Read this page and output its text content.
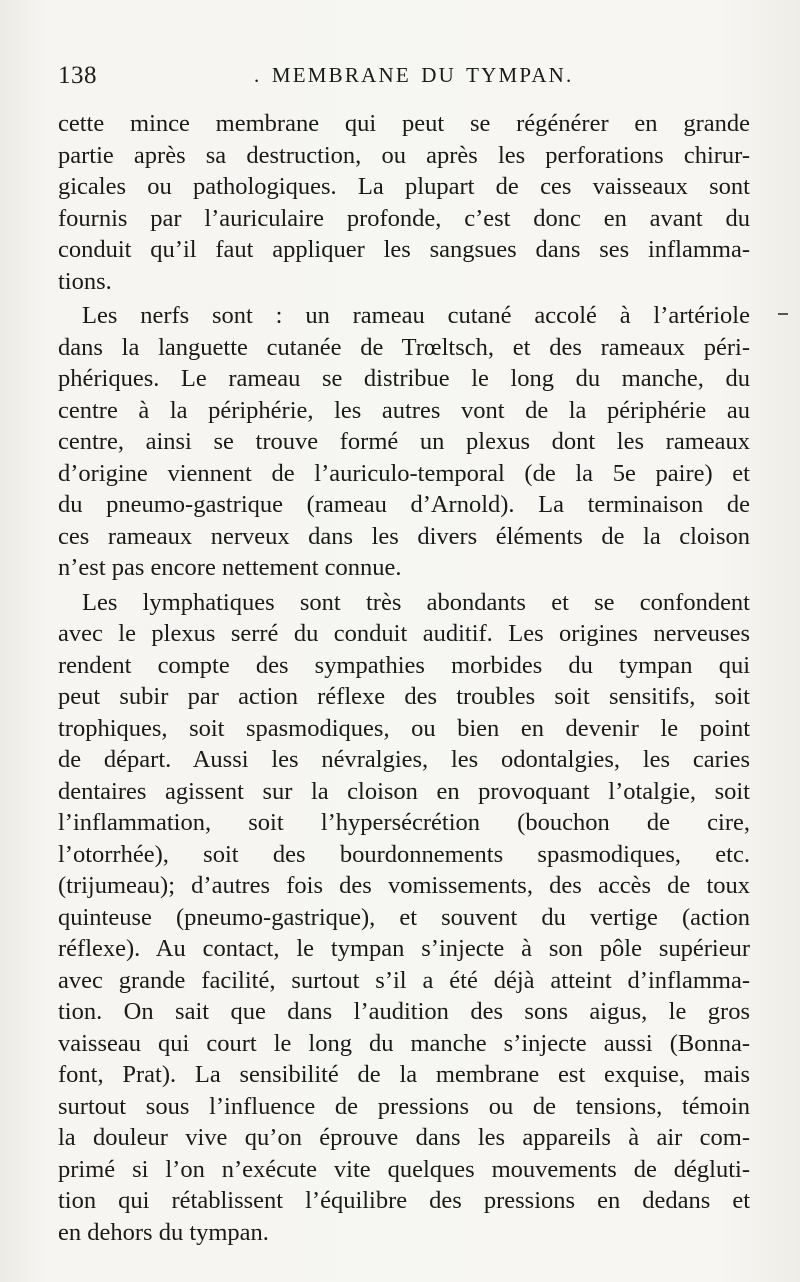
138	. MEMBRANE DU TYMPAN.
cette mince membrane qui peut se régénérer en grande
partie après sa destruction, ou après les perforations chirur-
gicales ou pathologiques. La plupart de ces vaisseaux sont
fournis par l’auriculaire profonde, c’est donc en avant du
conduit qu’il faut appliquer les sangsues dans ses inflamma-
tions.
Les nerfs sont : un rameau cutané accolé à l’artériole
dans la languette cutanée de Trœltsch, et des rameaux péri-
phériques. Le rameau se distribue le long du manche, du
centre à la périphérie, les autres vont de la périphérie au
centre, ainsi se trouve formé un plexus dont les rameaux
d’origine viennent de l’auriculo-temporal (de la 5e paire) et
du pneumo-gastrique (rameau d’Arnold). La terminaison de
ces rameaux nerveux dans les divers éléments de la cloison
n’est pas encore nettement connue.
Les lymphatiques sont très abondants et se confondent
avec le plexus serré du conduit auditif. Les origines nerveuses
rendent compte des sympathies morbides du tympan qui
peut subir par action réflexe des troubles soit sensitifs, soit
trophiques, soit spasmodiques, ou bien en devenir le point
de départ. Aussi les névralgies, les odontalgies, les caries
dentaires agissent sur la cloison en provoquant l’otalgie, soit
l’inflammation, soit l’hypersécrétion (bouchon de cire,
l’otorrhée), soit des bourdonnements spasmodiques, etc.
(trijumeau); d’autres fois des vomissements, des accès de toux
quinteuse (pneumo-gastrique), et souvent du vertige (action
réflexe). Au contact, le tympan s’injecte à son pôle supérieur
avec grande facilité, surtout s’il a été déjà atteint d’inflamma-
tion. On sait que dans l’audition des sons aigus, le gros
vaisseau qui court le long du manche s’injecte aussi (Bonna-
font, Prat). La sensibilité de la membrane est exquise, mais
surtout sous l’influence de pressions ou de tensions, témoin
la douleur vive qu’on éprouve dans les appareils à air com-
primé si l’on n’exécute vite quelques mouvements de dégluti-
tion qui rétablissent l’équilibre des pressions en dedans et
en dehors du tympan.
